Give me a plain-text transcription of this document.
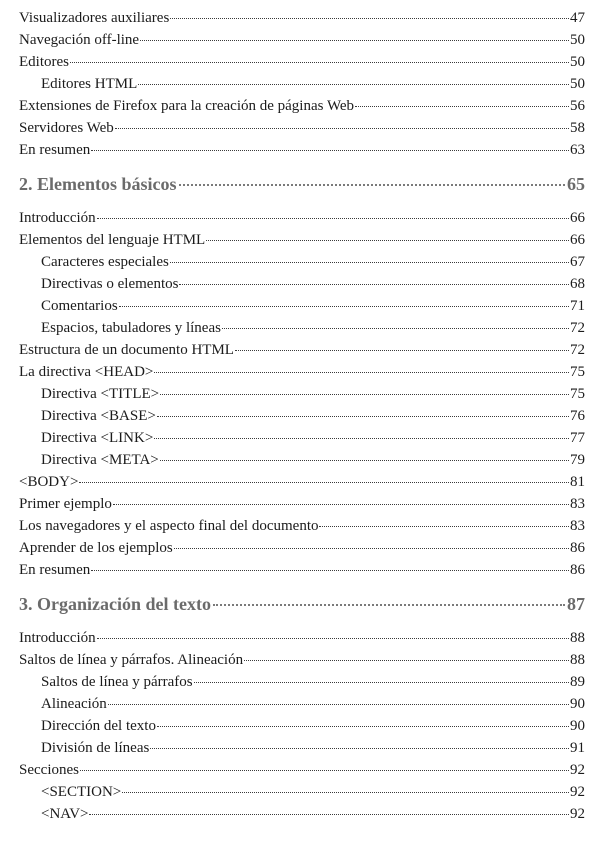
Visualizadores auxiliares	47
Navegación off-line	50
Editores	50
Editores HTML	50
Extensiones de Firefox para la creación de páginas Web	56
Servidores Web	58
En resumen	63
2. Elementos básicos	65
Introducción	66
Elementos del lenguaje HTML	66
Caracteres especiales	67
Directivas o elementos	68
Comentarios	71
Espacios, tabuladores y líneas	72
Estructura de un documento HTML	72
La directiva <HEAD>	75
Directiva <TITLE>	75
Directiva <BASE>	76
Directiva <LINK>	77
Directiva <META>	79
<BODY>	81
Primer ejemplo	83
Los navegadores y el aspecto final del documento	83
Aprender de los ejemplos	86
En resumen	86
3. Organización del texto	87
Introducción	88
Saltos de línea y párrafos. Alineación	88
Saltos de línea y párrafos	89
Alineación	90
Dirección del texto	90
División de líneas	91
Secciones	92
<SECTION>	92
<NAV>	92
